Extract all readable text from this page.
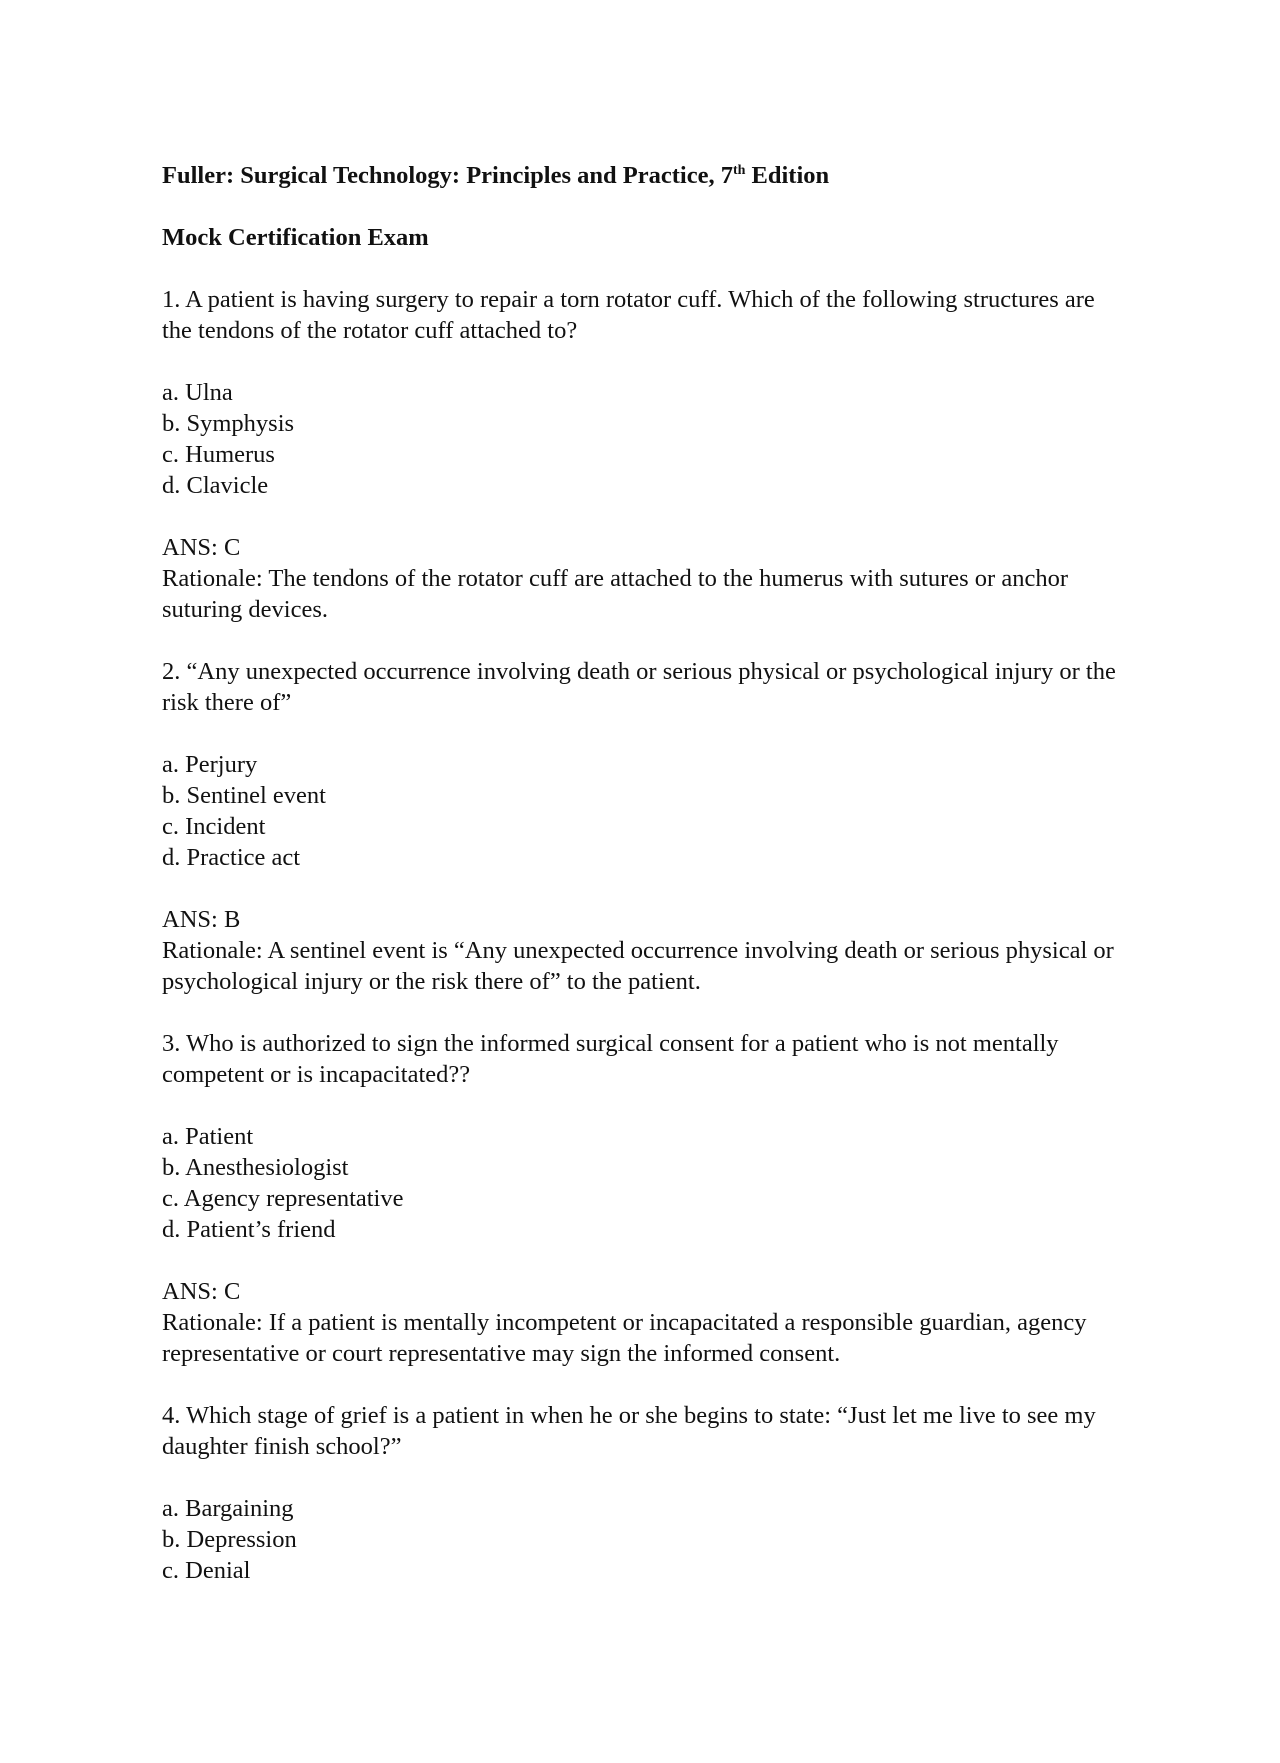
Fuller: Surgical Technology: Principles and Practice, 7th Edition
Mock Certification Exam
1. A patient is having surgery to repair a torn rotator cuff. Which of the following structures are the tendons of the rotator cuff attached to?
a. Ulna
b. Symphysis
c. Humerus
d. Clavicle
ANS: C
Rationale: The tendons of the rotator cuff are attached to the humerus with sutures or anchor suturing devices.
2. “Any unexpected occurrence involving death or serious physical or psychological injury or the risk there of”
a. Perjury
b. Sentinel event
c. Incident
d. Practice act
ANS: B
Rationale: A sentinel event is “Any unexpected occurrence involving death or serious physical or psychological injury or the risk there of” to the patient.
3. Who is authorized to sign the informed surgical consent for a patient who is not mentally competent or is incapacitated??
a. Patient
b. Anesthesiologist
c. Agency representative
d. Patient’s friend
ANS: C
Rationale: If a patient is mentally incompetent or incapacitated a responsible guardian, agency representative or court representative may sign the informed consent.
4. Which stage of grief is a patient in when he or she begins to state: “Just let me live to see my daughter finish school?”
a. Bargaining
b. Depression
c. Denial
